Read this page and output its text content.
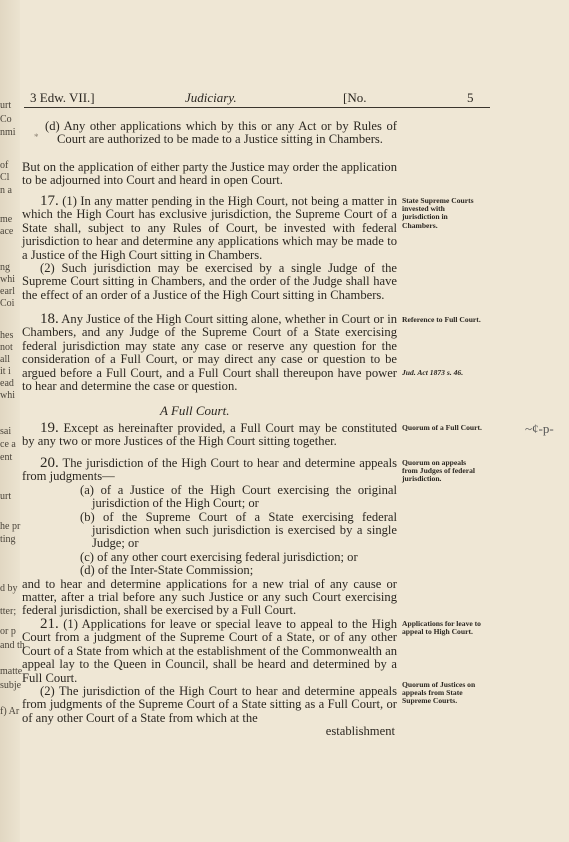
urt
Co
nmi
of
Cl
n a
me
ace
ng
whi
earl
Coi
hes
not
all
it i
ead
whi
sai
ce a
ent
urt
he pr
ting
d by
tter;
or p
and th
matte
subje
f) Ar
3 Edw. VII.]	Judiciary.	[No.	5
*

(d) Any other applications which by this or any Act or by Rules of Court are authorized to be made to a Justice sitting in Chambers.

But on the application of either party the Justice may order the application to be adjourned into Court and heard in open Court.

17. (1) In any matter pending in the High Court, not being a matter in which the High Court has exclusive jurisdiction, the Supreme Court of a State shall, subject to any Rules of Court, be invested with federal jurisdiction to hear and determine any applications which may be made to a Justice of the High Court sitting in Chambers.

(2) Such jurisdiction may be exercised by a single Judge of the Supreme Court sitting in Chambers, and the order of the Judge shall have the effect of an order of a Justice of the High Court sitting in Chambers.

18. Any Justice of the High Court sitting alone, whether in Court or in Chambers, and any Judge of the Supreme Court of a State exercising federal jurisdiction may state any case or reserve any question for the consideration of a Full Court, or may direct any case or question to be argued before a Full Court, and a Full Court shall thereupon have power to hear and determine the case or question.

A Full Court.

19. Except as hereinafter provided, a Full Court may be constituted by any two or more Justices of the High Court sitting together.

20. The jurisdiction of the High Court to hear and determine appeals from judgments—

(a) of a Justice of the High Court exercising the original jurisdiction of the High Court; or

(b) of the Supreme Court of a State exercising federal jurisdiction when such jurisdiction is exercised by a single Judge; or

(c) of any other court exercising federal jurisdiction; or

(d) of the Inter-State Commission;

and to hear and determine applications for a new trial of any cause or matter, after a trial before any such Justice or any such Court exercising federal jurisdiction, shall be exercised by a Full Court.

21. (1) Applications for leave or special leave to appeal to the High Court from a judgment of the Supreme Court of a State, or of any other Court of a State from which at the establishment of the Commonwealth an appeal lay to the Queen in Council, shall be heard and determined by a Full Court.

(2) The jurisdiction of the High Court to hear and determine appeals from judgments of the Supreme Court of a State sitting as a Full Court, or of any other Court of a State from which at the

establishment

State Supreme Courts invested with jurisdiction in Chambers.
Reference to Full Court.
Jud. Act 1873 s. 46.
Quorum of a Full Court.
Quorum on appeals from Judges of federal jurisdiction.
Applications for leave to appeal to High Court.
Quorum of Justices on appeals from State Supreme Courts.
~¢-p-
